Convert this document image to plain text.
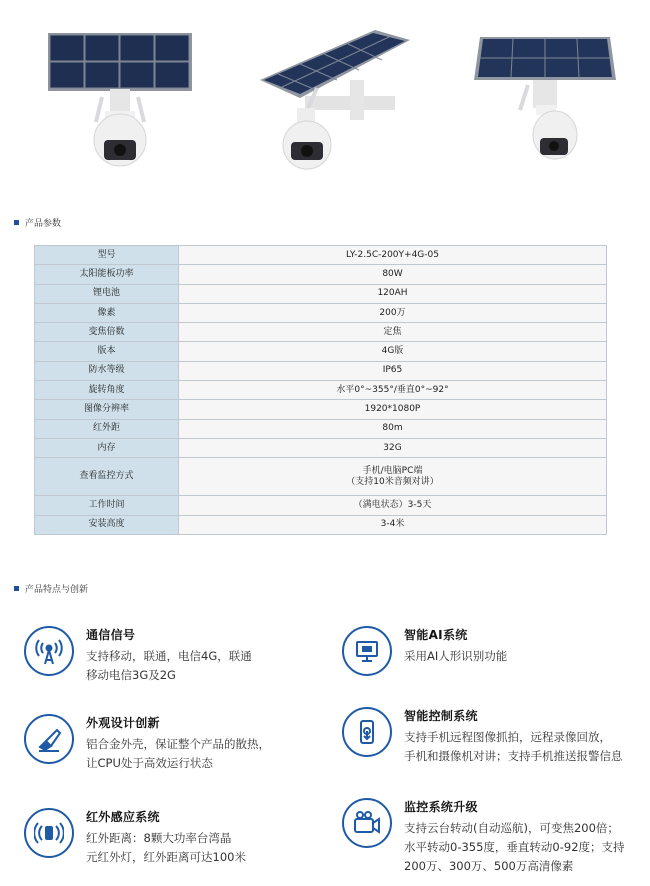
产品参数
型号	LY-2.5C-200Y+4G-05
太阳能板功率	80W
锂电池	120AH
像素	200万
变焦倍数	定焦
版本	4G版
防水等级	IP65
旋转角度	水平0°~355°/垂直0°~92°
图像分辨率	1920*1080P
红外距	80m
内存	32G
查看监控方式	手机/电脑PC端
（支持10米音频对讲）

工作时间	（满电状态）3-5天
安装高度	3-4米
产品特点与创新
通信信号
支持移动，联通，电信4G，联通
移动电信3G及2G
智能AI系统
采用AI人形识别功能
外观设计创新
铝合金外壳，保证整个产品的散热，
让CPU处于高效运行状态
智能控制系统
支持手机远程图像抓拍，远程录像回放，
手机和摄像机对讲；支持手机推送报警信息
红外感应系统
红外距离：8颗大功率台湾晶
元红外灯，红外距离可达100米
监控系统升级
支持云台转动(自动巡航)，可变焦200倍；
水平转动0-355度，垂直转动0-92度；支持
200万、300万、500万高清像素
